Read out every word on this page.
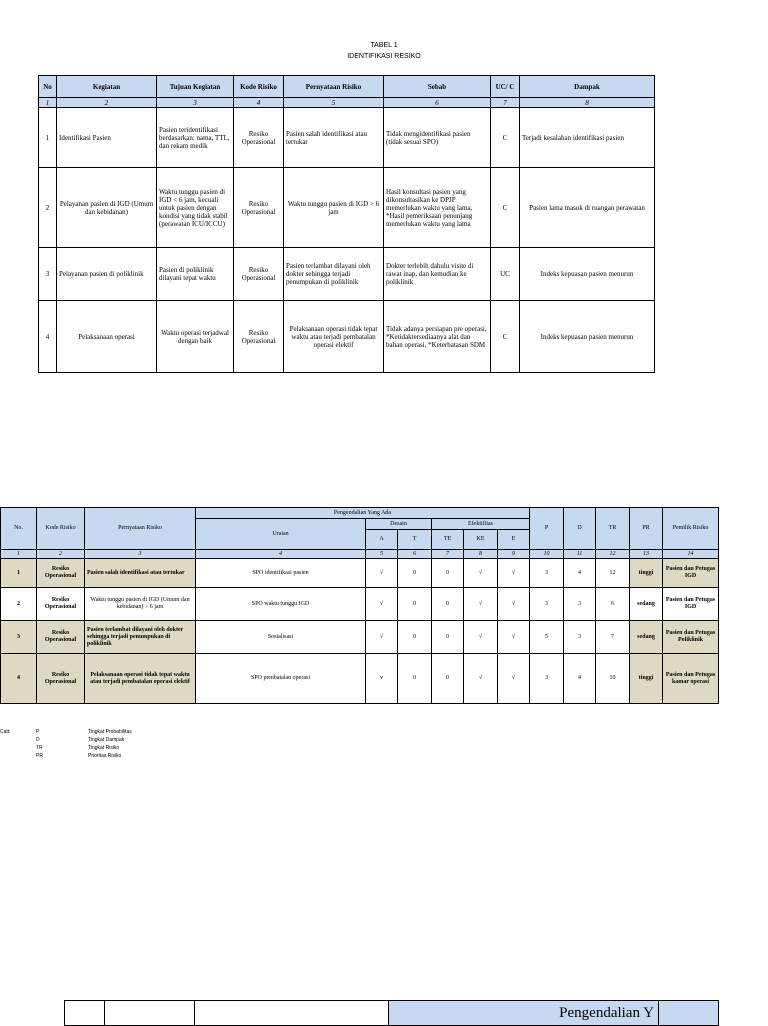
TABEL 1
IDENTIFIKASI RESIKO
No	Kegiatan	Tujuan Kegiatan	Kode Risiko	Pernyataan Risiko	Sebab	UC/ C	Dampak
1	2	3	4	5	6	7	8
1	Identifikasi Pasien	Pasien teridentifikasi berdasarkan: nama, TTL, dan rekam medik	Resiko Operasional	Pasien salah identifikasi atau tertukar	Tidak mengidentifikasi pasien (tidak sesuai SPO)	C	Terjadi kesalahan identifikasi pasien
2	Pelayanan pasien di IGD (Umum dan kebidanan)	Waktu tunggu pasien di IGD < 6 jam, kecuali untuk pasien dengan kondisi yang tidak stabil (perawatan ICU/ICCU)	Resiko Operasional	Waktu tunggu pasien di IGD > 6 jam	Hasil konsultasi pasien yang dikonsultasikan ke DPJP memerlukan waktu yang lama, *Hasil pemeriksaan penunjang memerlukan waktu yang lama	C	Pasien lama masuk di ruangan perawatan
3	Pelayanan pasien di poliklinik	Pasien di poliklinik dilayani tepat waktu	Resiko Operasional	Pasien terlambat dilayani oleh dokter sehingga terjadi penumpukan di poliklinik	Dokter terlebih dahulu visite di rawat inap, dan kemudian ke poliklinik	UC	Indeks kepuasan pasien menurun
4	Pelaksanaan operasi	Waktu operasi terjadwal dengan baik	Resiko Operasional	Pelaksanaan operasi tidak tepat waktu atau terjadi pembatalan operasi elektif	Tidak adanya persiapan pre operasi, *Ketidaktersediaanya alat dan bahan operasi, *Keterbatasan SDM	C	Indeks kepuasan pasien menurun
No.	Kode Risiko	Pernyataan Risiko	Pengendalian Yang Ada						P	D	TR	PR	Pemilik Risiko
			Uraian	Desain		Efektifitas							
				A	T	TE	KE	E					
1	2	3	4	5	6	7	8	9	10	11	12	13	14
1	Resiko Operasional	Pasien salah identifikasi atau tertukar	SPO identifikasi pasien	√	0	0	√	√	3	4	12	tinggi	Pasien dan Petugas IGD
2	Resiko Operasional	Waktu tunggu pasien di IGD (Umum dan kebidanan) > 6 jam	SPO waktu tunggu IGD	√	0	0	√	√	3	3	6	sedang	Pasien dan Petugas IGD
3	Resiko Operasional	Pasien terlambat dilayani oleh dokter sehingga terjadi penumpukan di poliklinik	Sosialisasi	√	0	0	√	√	5	3	7	sedang	Pasien dan Petugas Poliklinik
4	Resiko Operasional	Pelaksanaan operasi tidak tepat waktu atau terjadi pembatalan operasi elektif	SPO pembatalan operasi	v	0	0	√	√	3	4	10	tinggi	Pasien dan Petugas kamar operasi
Catt:	P	Tingkat Probabilitas
D	Tingkat Dampak
TR	Tingkat Risiko
PR	Prioritas Risiko
			Pengendalian Y	
